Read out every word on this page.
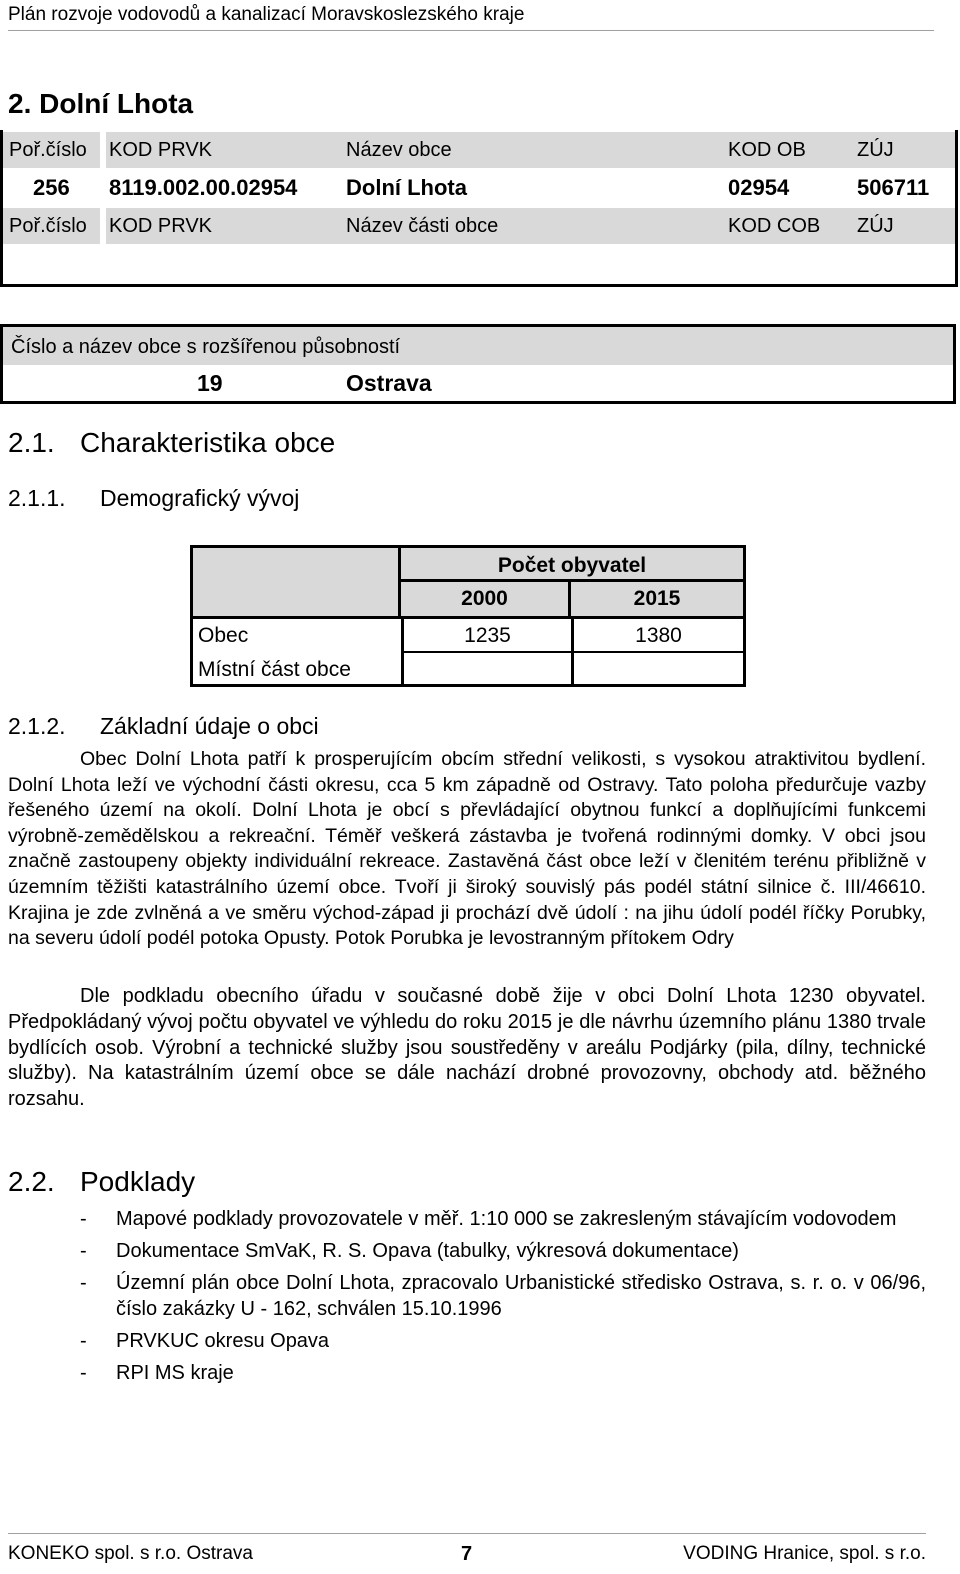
Plán rozvoje vodovodů a kanalizací Moravskoslezského kraje
2. Dolní Lhota
Poř.číslo KOD PRVK	Název obce	KOD OB	ZÚJ
256 8119.002.00.02954 Dolní Lhota	02954	506711
Poř.číslo KOD PRVK	Název části obce	KOD COB ZÚJ
Číslo a název obce s rozšířenou působností
19	Ostrava
2.1. Charakteristika obce
2.1.1. Demografický vývoj
Počet obyvatel
2000	2015
Obec	1235	1380
Místní část obce
2.1.2. Základní údaje o obci
Obec Dolní Lhota patří k prosperujícím obcím střední velikosti, s vysokou atraktivitou bydlení. Dolní Lhota leží ve východní části okresu, cca 5 km západně od Ostravy. Tato poloha předurčuje vazby řešeného území na okolí. Dolní Lhota je obcí s převládající obytnou funkcí a doplňujícími funkcemi výrobně-zemědělskou a rekreační. Téměř veškerá zástavba je tvořená rodinnými domky. V obci jsou značně zastoupeny objekty individuální rekreace. Zastavěná část obce leží v členitém terénu přibližně v územním těžišti katastrálního území obce. Tvoří ji široký souvislý pás podél státní silnice č. III/46610. Krajina je zde zvlněná a ve směru východ-západ ji prochází dvě údolí : na jihu údolí podél říčky Porubky, na severu údolí podél potoka Opusty. Potok Porubka je levostranným přítokem Odry
Dle podkladu obecního úřadu v současné době žije v obci Dolní Lhota 1230 obyvatel. Předpokládaný vývoj počtu obyvatel ve výhledu do roku 2015 je dle návrhu územního plánu 1380 trvale bydlících osob. Výrobní a technické služby jsou soustředěny v areálu Podjárky (pila, dílny, technické služby). Na katastrálním území obce se dále nachází drobné provozovny, obchody atd. běžného rozsahu.
2.2. Podklady
- Mapové podklady provozovatele v měř. 1:10 000 se zakresleným stávajícím vodovodem
- Dokumentace SmVaK, R. S. Opava (tabulky, výkresová dokumentace)
- Územní plán obce Dolní Lhota, zpracovalo Urbanistické středisko Ostrava, s. r. o. v 06/96, číslo zakázky U - 162, schválen 15.10.1996
- PRVKUC okresu Opava
- RPI MS kraje
KONEKO spol. s r.o. Ostrava	7	VODING Hranice, spol. s r.o.
